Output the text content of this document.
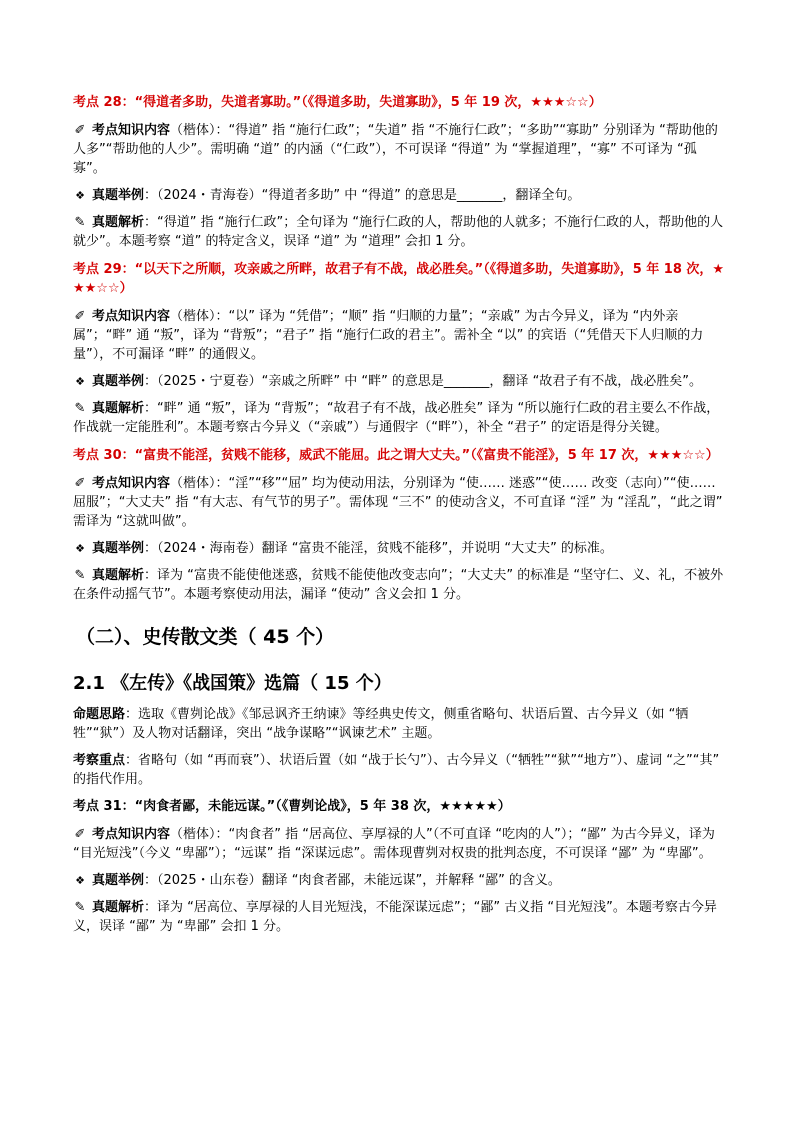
考点 28：“得道者多助，失道者寡助。”（《得道多助，失道寡助》，5 年 19 次，★★★☆☆）

✐考点知识内容（楷体）：“得道” 指 “施行仁政”；“失道” 指 “不施行仁政”；“多助”“寡助” 分别译为 “帮助他的人多”“帮助他的人少”。需明确 “道” 的内涵（“仁政”），不可误译 “得道” 为 “掌握道理”，“寡” 不可译为 “孤寡”。

❖真题举例：（2024・青海卷）“得道者多助” 中 “得道” 的意思是_______，翻译全句。

✎真题解析：“得道” 指 “施行仁政”；全句译为 “施行仁政的人，帮助他的人就多；不施行仁政的人，帮助他的人就少”。本题考察 “道” 的特定含义，误译 “道” 为 “道理” 会扣 1 分。

考点 29：“以天下之所顺，攻亲戚之所畔，故君子有不战，战必胜矣。”（《得道多助，失道寡助》，5 年 18 次，★★★☆☆）

✐考点知识内容（楷体）：“以” 译为 “凭借”；“顺” 指 “归顺的力量”；“亲戚” 为古今异义，译为 “内外亲属”；“畔” 通 “叛”，译为 “背叛”；“君子” 指 “施行仁政的君主”。需补全 “以” 的宾语（“凭借天下人归顺的力量”），不可漏译 “畔” 的通假义。

❖真题举例：（2025・宁夏卷）“亲戚之所畔” 中 “畔” 的意思是_______，翻译 “故君子有不战，战必胜矣”。

✎真题解析：“畔” 通 “叛”，译为 “背叛”；“故君子有不战，战必胜矣” 译为 “所以施行仁政的君主要么不作战，作战就一定能胜利”。本题考察古今异义（“亲戚”）与通假字（“畔”），补全 “君子” 的定语是得分关键。

考点 30：“富贵不能淫，贫贱不能移，威武不能屈。此之谓大丈夫。”（《富贵不能淫》，5 年 17 次，★★★☆☆）

✐考点知识内容（楷体）：“淫”“移”“屈” 均为使动用法，分别译为 “使…… 迷惑”“使…… 改变（志向）”“使…… 屈服”；“大丈夫” 指 “有大志、有气节的男子”。需体现 “三不” 的使动含义，不可直译 “淫” 为 “淫乱”，“此之谓” 需译为 “这就叫做”。

❖真题举例：（2024・海南卷）翻译 “富贵不能淫，贫贱不能移”，并说明 “大丈夫” 的标准。

✎真题解析：译为 “富贵不能使他迷惑，贫贱不能使他改变志向”；“大丈夫” 的标准是 “坚守仁、义、礼，不被外在条件动摇气节”。本题考察使动用法，漏译 “使动” 含义会扣 1 分。

（二）、史传散文类（ 45 个）
2.1 《左传》《战国策》选篇（ 15 个）

命题思路：选取《曹刿论战》《邹忌讽齐王纳谏》等经典史传文，侧重省略句、状语后置、古今异义（如 “牺牲”“狱”）及人物对话翻译，突出 “战争谋略”“讽谏艺术” 主题。

考察重点：省略句（如 “再而衰”）、状语后置（如 “战于长勺”）、古今异义（“牺牲”“狱”“地方”）、虚词 “之”“其” 的指代作用。

考点 31：“肉食者鄙，未能远谋。”（《曹刿论战》，5 年 38 次，★★★★★）

✐考点知识内容（楷体）：“肉食者” 指 “居高位、享厚禄的人”（不可直译 “吃肉的人”）；“鄙” 为古今异义，译为 “目光短浅”（今义 “卑鄙”）；“远谋” 指 “深谋远虑”。需体现曹刿对权贵的批判态度，不可误译 “鄙” 为 “卑鄙”。

❖真题举例：（2025・山东卷）翻译 “肉食者鄙，未能远谋”，并解释 “鄙” 的含义。

✎真题解析：译为 “居高位、享厚禄的人目光短浅，不能深谋远虑”；“鄙” 古义指 “目光短浅”。本题考察古今异义，误译 “鄙” 为 “卑鄙” 会扣 1 分。
